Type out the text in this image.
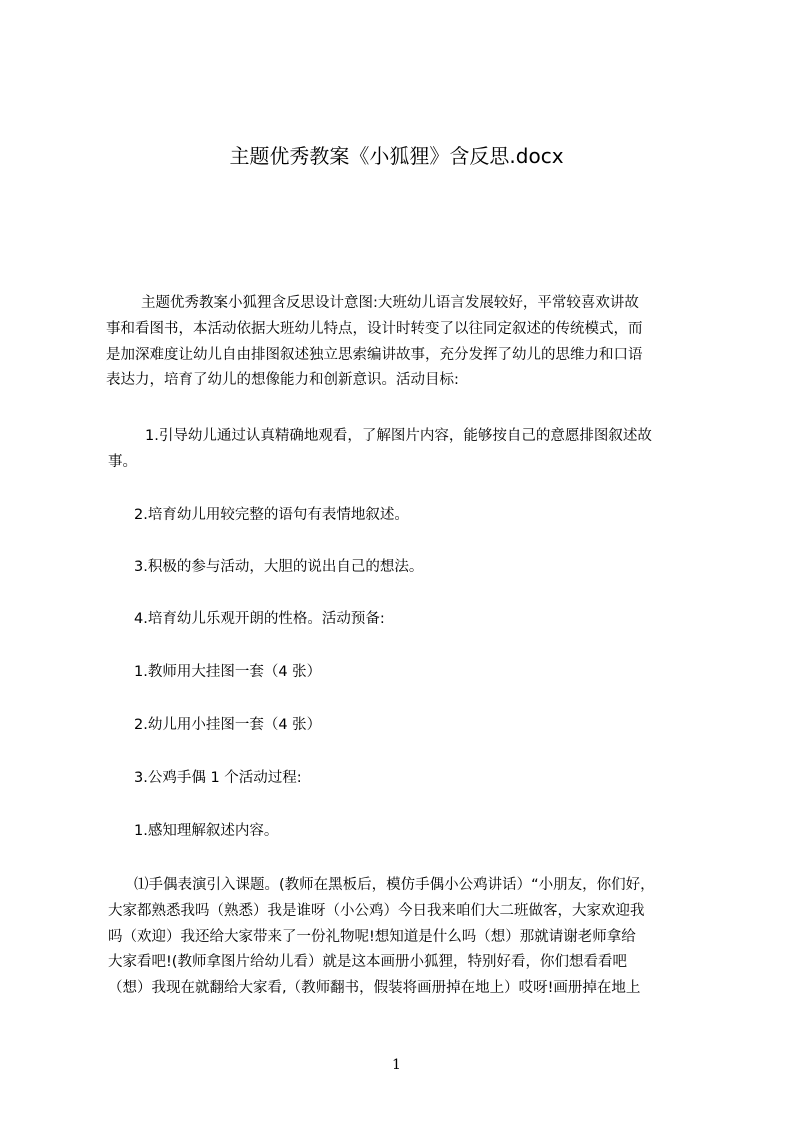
主题优秀教案《小狐狸》含反思.docx
主题优秀教案小狐狸含反思设计意图:大班幼儿语言发展较好，平常较喜欢讲故
事和看图书，本活动依据大班幼儿特点，设计时转变了以往同定叙述的传统模式，而
是加深难度让幼儿自由排图叙述独立思索编讲故事，充分发挥了幼儿的思维力和口语
表达力，培育了幼儿的想像能力和创新意识。活动目标:
1.引导幼儿通过认真精确地观看，了解图片内容，能够按自己的意愿排图叙述故
事。
2.培育幼儿用较完整的语句有表情地叙述。
3.积极的参与活动，大胆的说出自己的想法。
4.培育幼儿乐观开朗的性格。活动预备:
1.教师用大挂图一套（4 张）
2.幼儿用小挂图一套（4 张）
3.公鸡手偶 1 个活动过程:
1.感知理解叙述内容。
⑴手偶表演引入课题。(教师在黑板后，模仿手偶小公鸡讲话）“小朋友，你们好，
大家都熟悉我吗（熟悉）我是谁呀（小公鸡）今日我来咱们大二班做客，大家欢迎我
吗（欢迎）我还给大家带来了一份礼物呢!想知道是什么吗（想）那就请谢老师拿给
大家看吧!(教师拿图片给幼儿看）就是这本画册小狐狸，特别好看，你们想看看吧
（想）我现在就翻给大家看,（教师翻书，假装将画册掉在地上）哎呀!画册掉在地上
1
